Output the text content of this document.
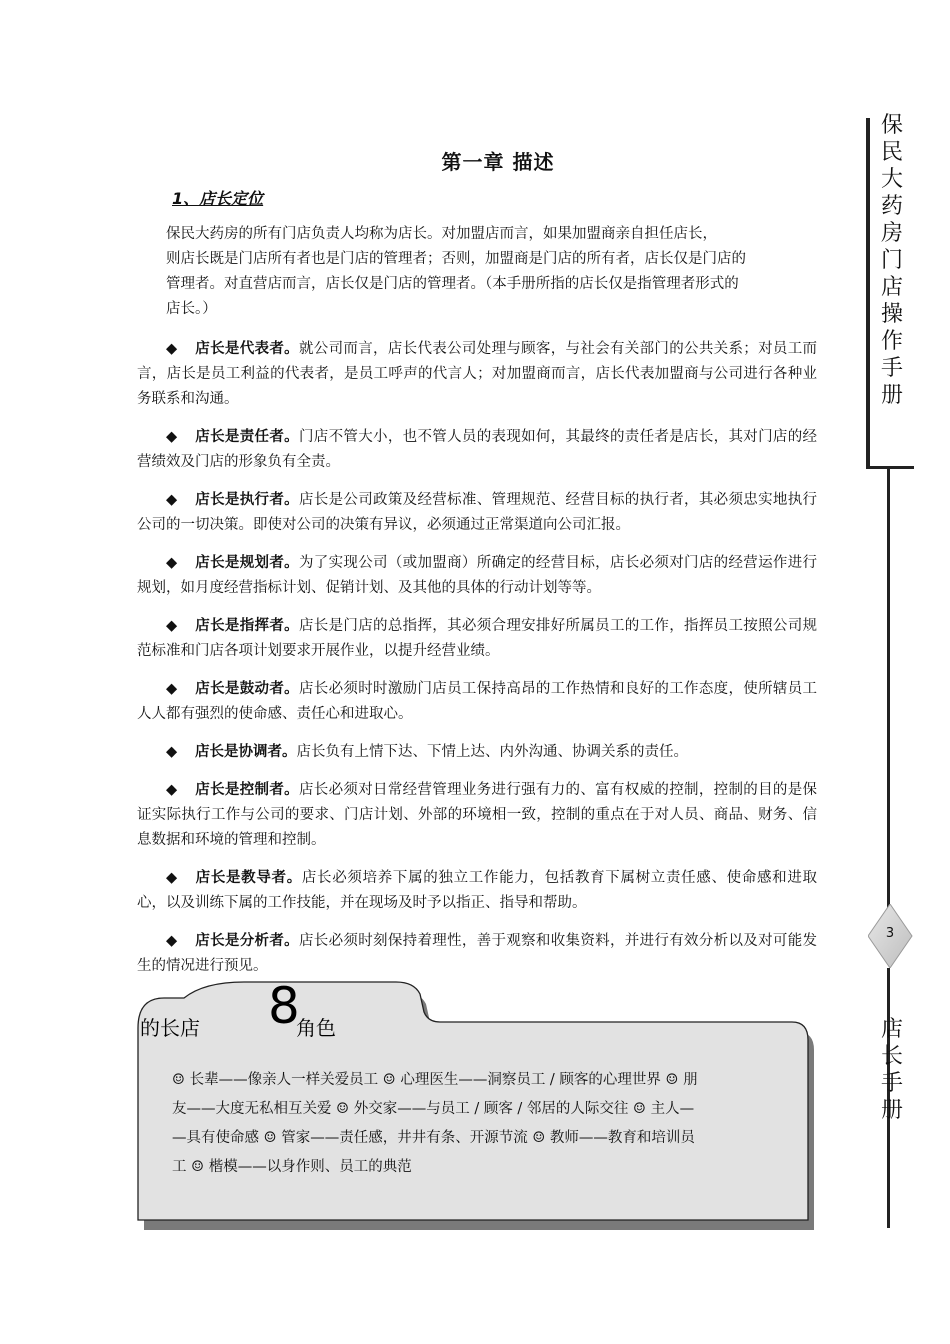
第一章 描述
1、店长定位
保民大药房的所有门店负责人均称为店长。对加盟店而言，如果加盟商亲自担任店长，
则店长既是门店所有者也是门店的管理者；否则，加盟商是门店的所有者，店长仅是门店的
管理者。对直营店而言，店长仅是门店的管理者。（本手册所指的店长仅是指管理者形式的
店长。）
◆ 店长是代表者。就公司而言，店长代表公司处理与顾客，与社会有关部门的公共关系；对员工而言，店长是员工利益的代表者，是员工呼声的代言人；对加盟商而言，店长代表加盟商与公司进行各种业务联系和沟通。
◆ 店长是责任者。门店不管大小，也不管人员的表现如何，其最终的责任者是店长，其对门店的经营绩效及门店的形象负有全责。
◆ 店长是执行者。店长是公司政策及经营标准、管理规范、经营目标的执行者，其必须忠实地执行公司的一切决策。即使对公司的决策有异议，必须通过正常渠道向公司汇报。
◆ 店长是规划者。为了实现公司（或加盟商）所确定的经营目标，店长必须对门店的经营运作进行规划，如月度经营指标计划、促销计划、及其他的具体的行动计划等等。
◆ 店长是指挥者。店长是门店的总指挥，其必须合理安排好所属员工的工作，指挥员工按照公司规范标准和门店各项计划要求开展作业，以提升经营业绩。
◆ 店长是鼓动者。店长必须时时激励门店员工保持高昂的工作热情和良好的工作态度，使所辖员工人人都有强烈的使命感、责任心和进取心。
◆ 店长是协调者。店长负有上情下达、下情上达、内外沟通、协调关系的责任。
◆ 店长是控制者。店长必须对日常经营管理业务进行强有力的、富有权威的控制，控制的目的是保证实际执行工作与公司的要求、门店计划、外部的环境相一致，控制的重点在于对人员、商品、财务、信息数据和环境的管理和控制。
◆ 店长是教导者。店长必须培养下属的独立工作能力，包括教育下属树立责任感、使命感和进取心，以及训练下属的工作技能，并在现场及时予以指正、指导和帮助。
◆ 店长是分析者。店长必须时刻保持着理性，善于观察和收集资料，并进行有效分析以及对可能发生的情况进行预见。
保
民
大
药
房
门
店
操
作
手
册
店
长
手
册
3
的长店 8
角色
☺ 长辈——像亲人一样关爱员工 ☺ 心理医生——洞察员工 / 顾客的心理世界 ☺ 朋
友——大度无私相互关爱 ☺ 外交家——与员工 / 顾客 / 邻居的人际交往 ☺ 主人—
—具有使命感 ☺ 管家——责任感，井井有条、开源节流 ☺ 教师——教育和培训员
工 ☺ 楷模——以身作则、员工的典范
